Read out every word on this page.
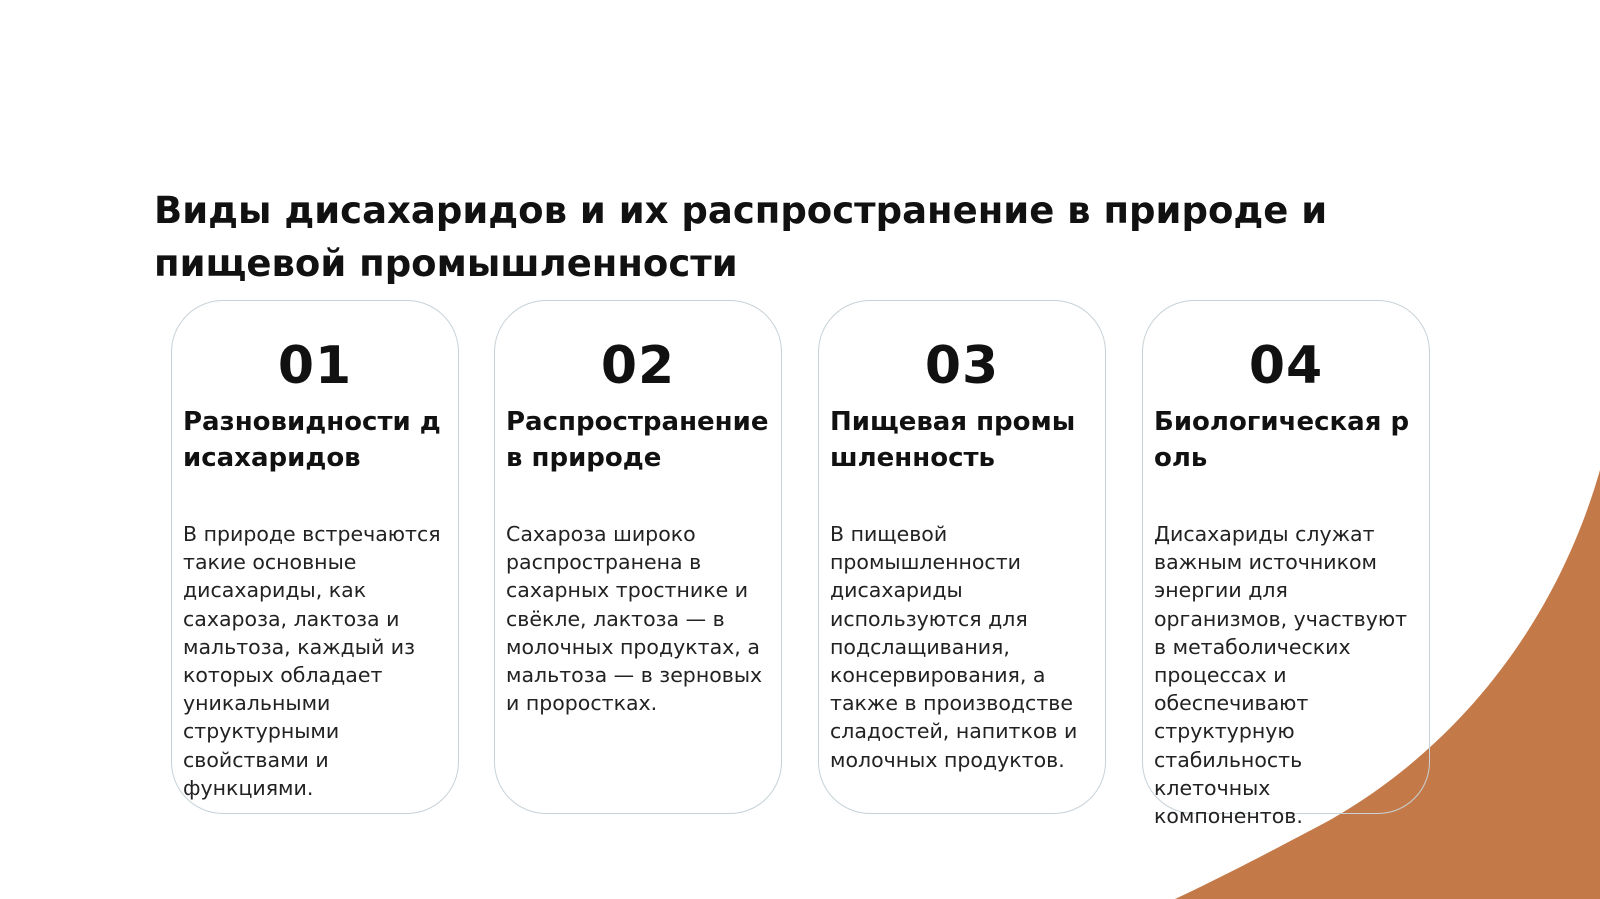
Виды дисахаридов и их распространение в природе и пищевой промышленности
01
Разновидности дисахаридов

В природе встречаются такие основные дисахариды, как сахароза, лактоза и мальтоза, каждый из которых обладает уникальными структурными свойствами и функциями.

02
Распространение в природе

Сахароза широко распространена в сахарных тростнике и свёкле, лактоза — в молочных продуктах, а мальтоза — в зерновых и проростках.

03
Пищевая промышленность

В пищевой промышленности дисахариды используются для подслащивания, консервирования, а также в производстве сладостей, напитков и молочных продуктов.

04
Биологическая роль

Дисахариды служат важным источником энергии для организмов, участвуют в метаболических процессах и обеспечивают структурную стабильность клеточных компонентов.
